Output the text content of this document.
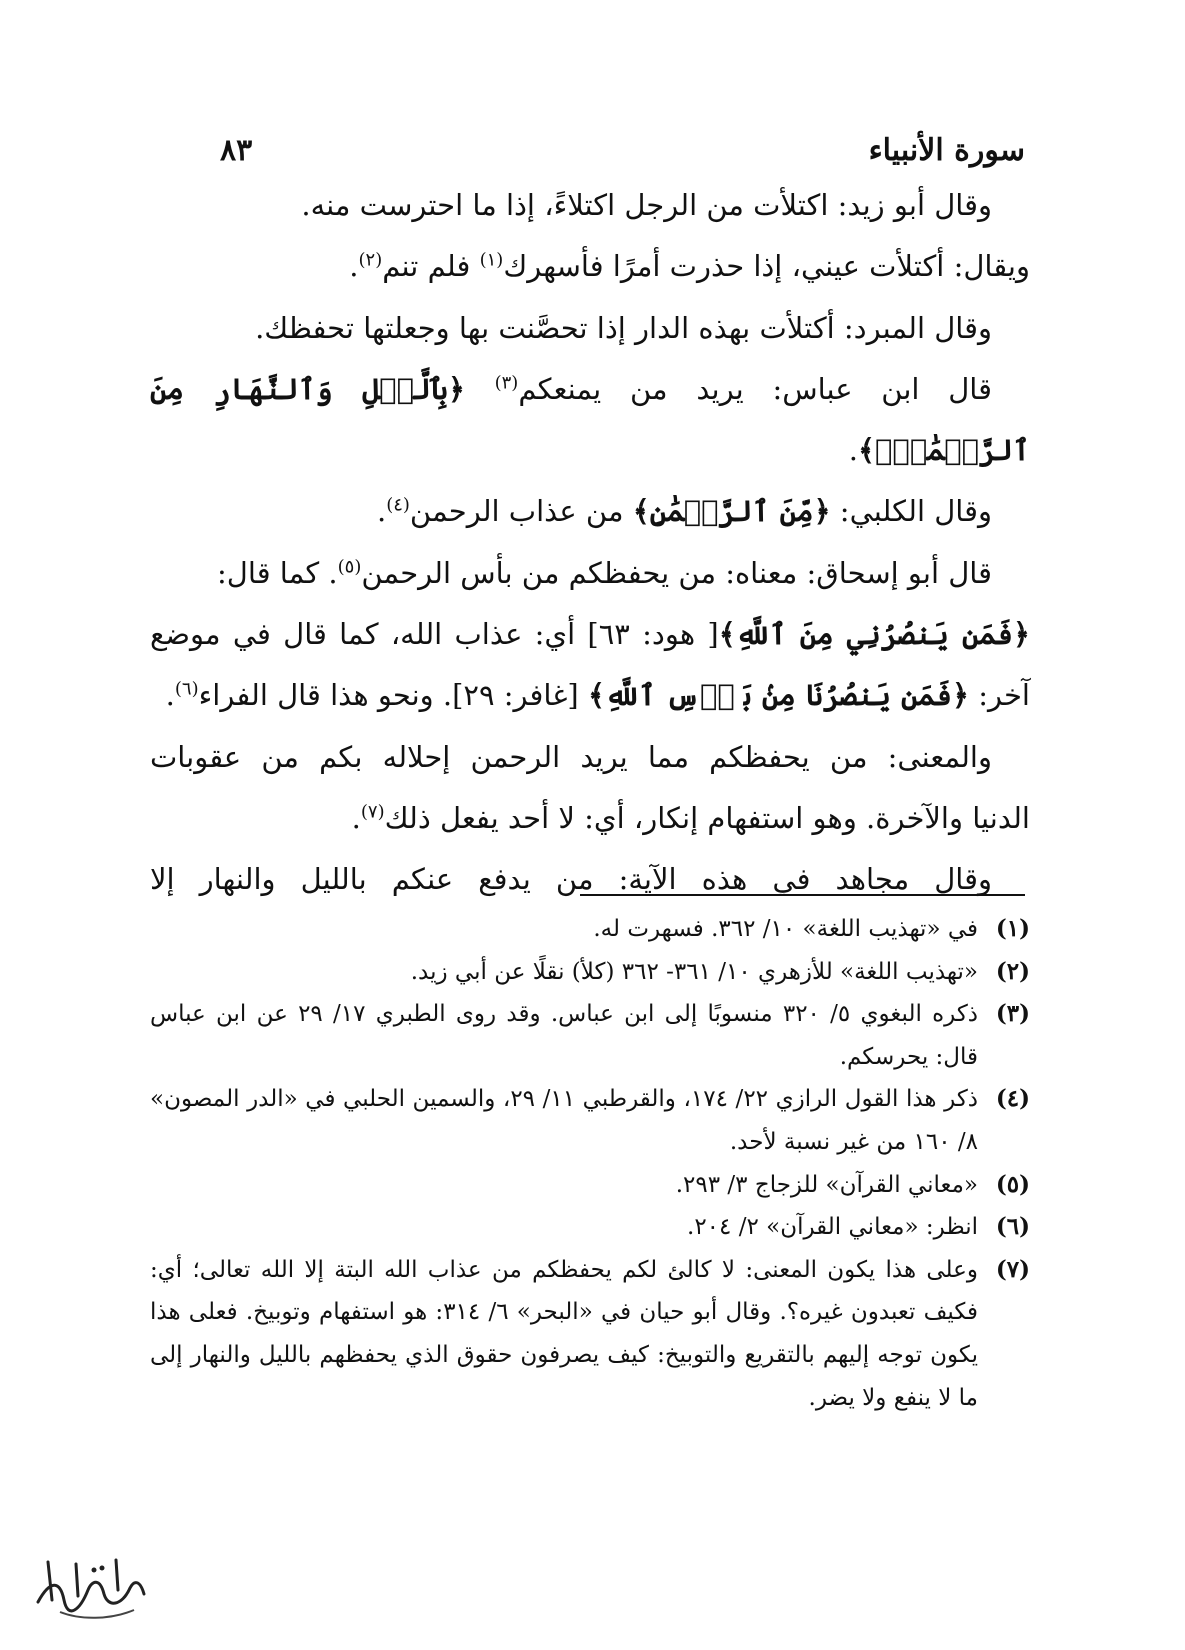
سورة الأنبياء
٨٣

وقال أبو زيد: اكتلأت من الرجل اكتلاءً، إذا ما احترست منه.

ويقال: أكتلأت عيني، إذا حذرت أمرًا فأسهرك$^{(١)}$ فلم تنم$^{(٢)}$.

وقال المبرد: أكتلأت بهذه الدار إذا تحصَّنت بها وجعلتها تحفظك.

قال ابن عباس: يريد من يمنعكم$^{(٣)}$ ﴿بِٱلَّيۡلِ وَٱلنَّهَارِ مِنَ ٱلرَّحۡمَٰنِۗ﴾.

وقال الكلبي: ﴿مِّنَ ٱلرَّحۡمَٰنِ﴾ من عذاب الرحمن$^{(٤)}$.

قال أبو إسحاق: معناه: من يحفظكم من بأس الرحمن$^{(٥)}$. كما قال:

﴿فَمَن يَنصُرُنِي مِنَ ٱللَّهِ﴾[ هود: ٦٣] أي: عذاب الله، كما قال في موضع

آخر: ﴿فَمَن يَنصُرُنَا مِنۢ بَأۡسِ ٱللَّهِ﴾ [غافر: ٢٩]. ونحو هذا قال الفراء$^{(٦)}$.

والمعنى: من يحفظكم مما يريد الرحمن إحلاله بكم من عقوبات

الدنيا والآخرة. وهو استفهام إنكار، أي: لا أحد يفعل ذلك$^{(٧)}$.

وقال مجاهد في هذه الآية: من يدفع عنكم بالليل والنهار إلا

(١)
في «تهذيب اللغة» ١٠/ ٣٦٢. فسهرت له.
(٢)
«تهذيب اللغة» للأزهري ١٠/ ٣٦١- ٣٦٢ (كلأ) نقلًا عن أبي زيد.
(٣)
ذكره البغوي ٥/ ٣٢٠ منسوبًا إلى ابن عباس. وقد روى الطبري ١٧/ ٢٩ عن ابن عباس قال: يحرسكم.
(٤)
ذكر هذا القول الرازي ٢٢/ ١٧٤، والقرطبي ١١/ ٢٩، والسمين الحلبي في «الدر المصون» ٨/ ١٦٠ من غير نسبة لأحد.
(٥)
«معاني القرآن» للزجاج ٣/ ٢٩٣.
(٦)
انظر: «معاني القرآن» ٢/ ٢٠٤.
(٧)
وعلى هذا يكون المعنى: لا كالئ لكم يحفظكم من عذاب الله البتة إلا الله تعالى؛ أي: فكيف تعبدون غيره؟. وقال أبو حيان في «البحر» ٦/ ٣١٤: هو استفهام وتوبيخ. فعلى هذا يكون توجه إليهم بالتقريع والتوبيخ: كيف يصرفون حقوق الذي يحفظهم بالليل والنهار إلى ما لا ينفع ولا يضر.
